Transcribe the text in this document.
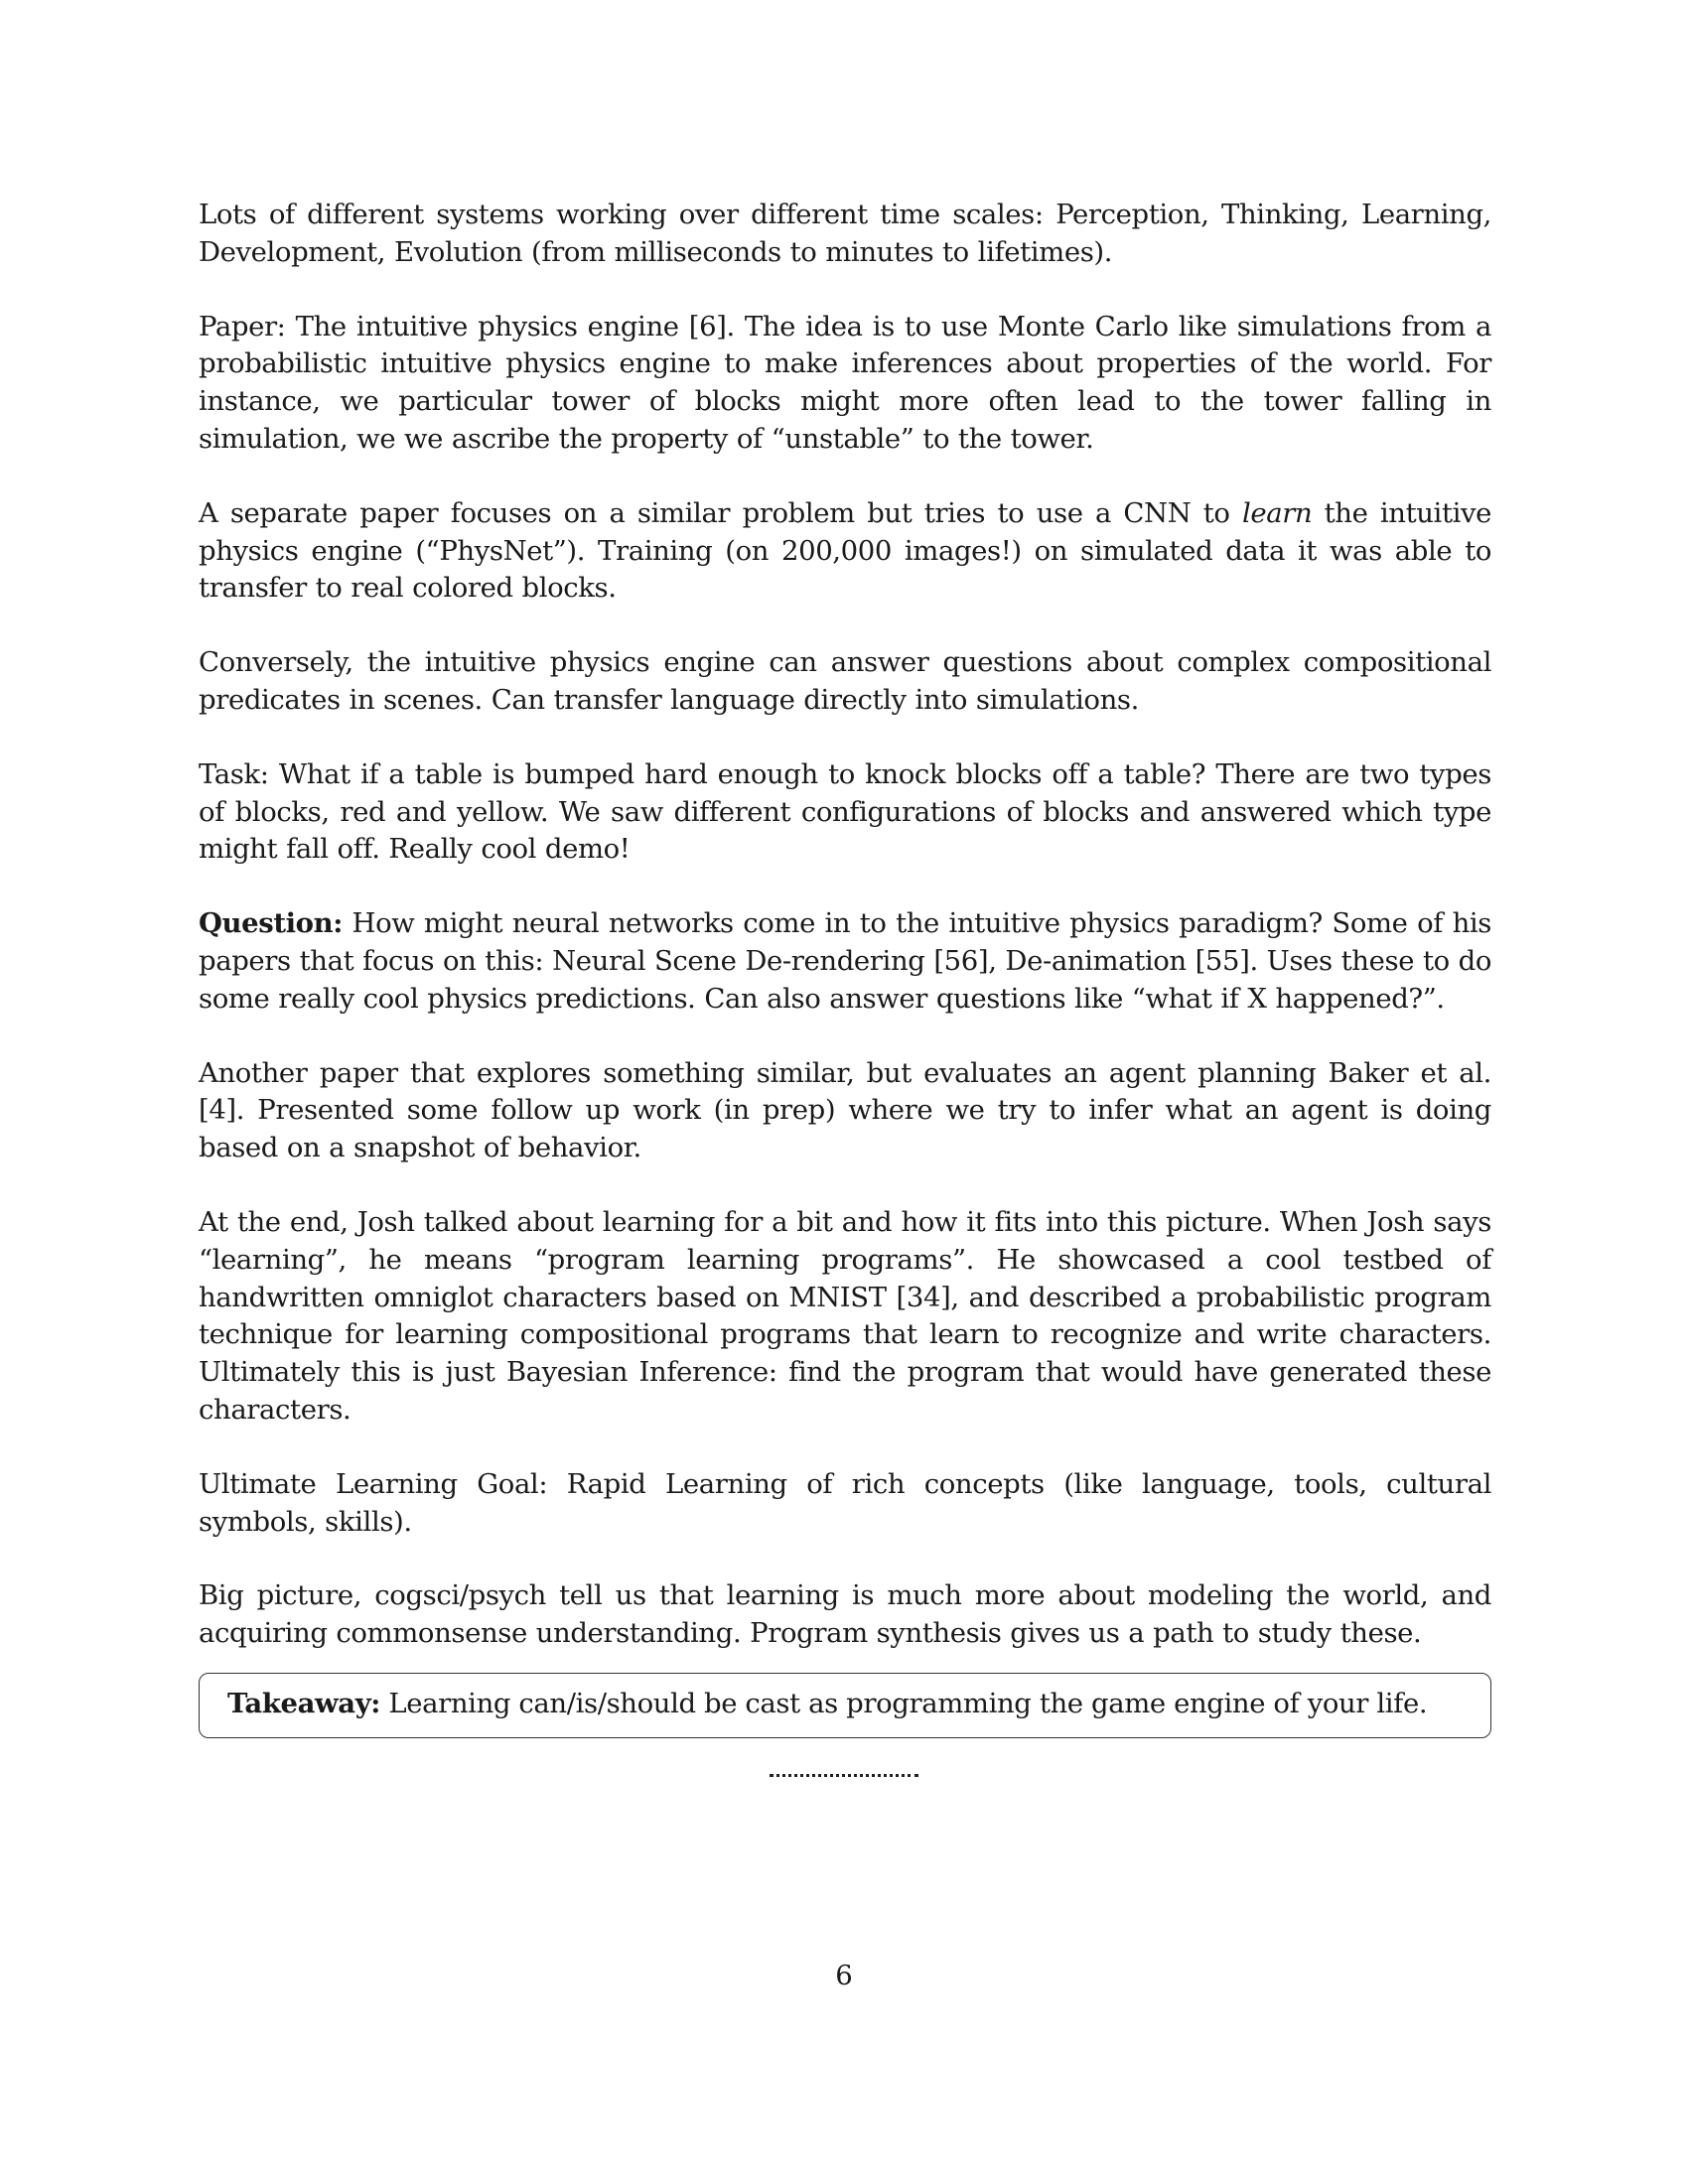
Lots of different systems working over different time scales: Perception, Thinking, Learning, Development, Evolution (from milliseconds to minutes to lifetimes).

Paper: The intuitive physics engine [6]. The idea is to use Monte Carlo like simulations from a probabilistic intuitive physics engine to make inferences about properties of the world. For instance, we particular tower of blocks might more often lead to the tower falling in simulation, we we ascribe the property of “unstable” to the tower.

A separate paper focuses on a similar problem but tries to use a CNN to learn the intuitive physics engine (“PhysNet”). Training (on 200,000 images!) on simulated data it was able to transfer to real colored blocks.

Conversely, the intuitive physics engine can answer questions about complex compositional predicates in scenes. Can transfer language directly into simulations.

Task: What if a table is bumped hard enough to knock blocks off a table? There are two types of blocks, red and yellow. We saw different configurations of blocks and answered which type might fall off. Really cool demo!

Question: How might neural networks come in to the intuitive physics paradigm? Some of his papers that focus on this: Neural Scene De-rendering [56], De-animation [55]. Uses these to do some really cool physics predictions. Can also answer questions like “what if X happened?”.

Another paper that explores something similar, but evaluates an agent planning Baker et al. [4]. Presented some follow up work (in prep) where we try to infer what an agent is doing based on a snapshot of behavior.

At the end, Josh talked about learning for a bit and how it fits into this picture. When Josh says “learning”, he means “program learning programs”. He showcased a cool testbed of handwritten omniglot characters based on MNIST [34], and described a probabilistic program technique for learning compositional programs that learn to recognize and write characters. Ultimately this is just Bayesian Inference: find the program that would have generated these characters.

Ultimate Learning Goal: Rapid Learning of rich concepts (like language, tools, cultural symbols, skills).

Big picture, cogsci/psych tell us that learning is much more about modeling the world, and acquiring commonsense understanding. Program synthesis gives us a path to study these.

Takeaway: Learning can/is/should be cast as programming the game engine of your life.
6
